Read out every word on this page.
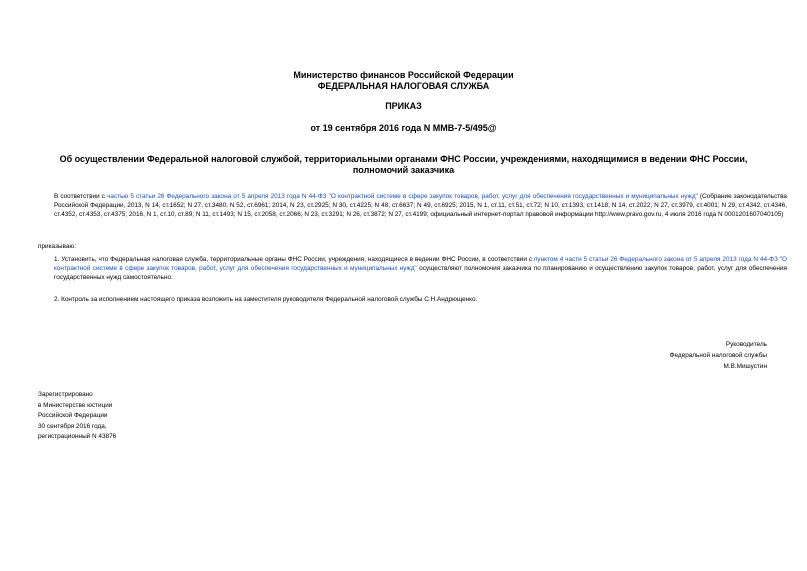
Министерство финансов Российской Федерации
ФЕДЕРАЛЬНАЯ НАЛОГОВАЯ СЛУЖБА
ПРИКАЗ
от 19 сентября 2016 года N ММВ-7-5/495@
Об осуществлении Федеральной налоговой службой, территориальными органами ФНС России, учреждениями, находящимися в ведении ФНС России, полномочий заказчика
В соответствии с частью 5 статьи 26 Федерального закона от 5 апреля 2013 года N 44-ФЗ "О контрактной системе в сфере закупок товаров, работ, услуг для обеспечения государственных и муниципальных нужд" (Собрание законодательства Российской Федерации, 2013, N 14, ст.1652; N 27, ст.3480; N 52, ст.6961; 2014, N 23, ст.2925; N 30, ст.4225; N 48, ст.6637; N 49, ст.6925; 2015, N 1, ст.11, ст.51, ст.72; N 10, ст.1393, ст.1418; N 14, ст.2022; N 27, ст.3979, ст.4001; N 29, ст.4342, ст.4346, ст.4352, ст.4353, ст.4375; 2016, N 1, ст.10, ст.89; N 11, ст.1493; N 15, ст.2058, ст.2066; N 23, ст.3291; N 26, ст.3872; N 27, ст.4199; официальный интернет-портал правовой информации http://www.pravo.gov.ru, 4 июля 2016 года N 0001201607040105)
приказываю:
1. Установить, что Федеральная налоговая служба, территориальные органы ФНС России, учреждения, находящиеся в ведении ФНС России, в соответствии с пунктом 4 части 5 статьи 26 Федерального закона от 5 апреля 2013 года N 44-ФЗ "О контрактной системе в сфере закупок товаров, работ, услуг для обеспечения государственных и муниципальных нужд" осуществляют полномочия заказчика по планированию и осуществлению закупок товаров, работ, услуг для обеспечения государственных нужд самостоятельно.
2. Контроль за исполнением настоящего приказа возложить на заместителя руководителя Федеральной налоговой службы С.Н.Андрющенко.
Руководитель
Федеральной налоговой службы
М.В.Мишустин
Зарегистрировано
в Министерстве юстиции
Российской Федерации
30 сентября 2016 года,
регистрационный N 43876
